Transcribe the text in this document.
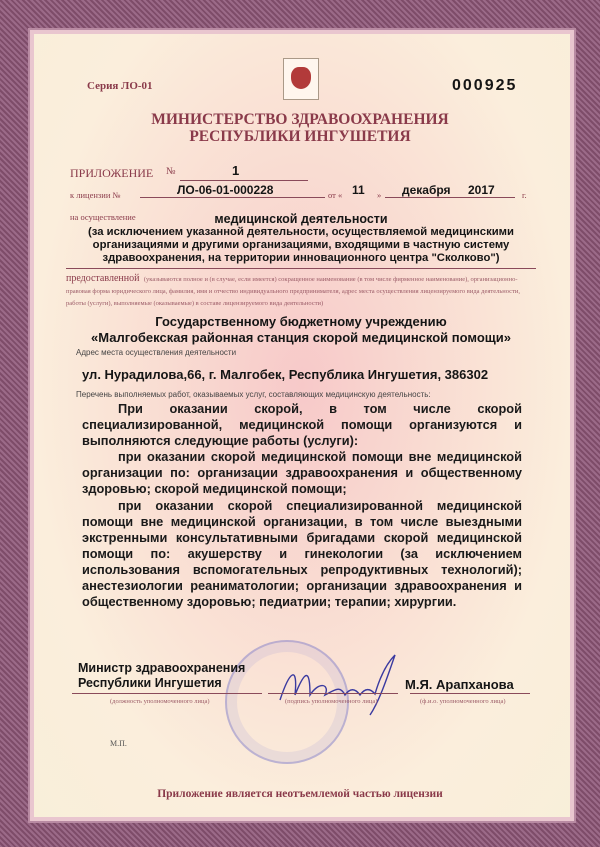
Серия ЛО-01	000925
МИНИСТЕРСТВО ЗДРАВООХРАНЕНИЯ
РЕСПУБЛИКИ ИНГУШЕТИЯ
ПРИЛОЖЕНИЕ №	1
к лицензии №	ЛО-06-01-000228	от « 11 » декабря 2017	г.
на осуществление	медицинской деятельности
(за исключением указанной деятельности, осуществляемой медицинскими организациями и другими организациями, входящими в частную систему здравоохранения, на территории инновационного центра "Сколково")
предоставленной (указываются полное и (в случае, если имеется) сокращенное наименование (в том числе фирменное наименование), организационно-правовая форма юридического лица, фамилия, имя и отчество индивидуального предпринимателя, адрес места осуществления лицензируемого вида деятельности, работы (услуги), выполняемые (оказываемые) в составе лицензируемого вида деятельности)
Государственному бюджетному учреждению
«Малгобекская районная станция скорой медицинской помощи»
Адрес места осуществления деятельности
ул. Нурадилова,66, г. Малгобек, Республика Ингушетия, 386302
Перечень выполняемых работ, оказываемых услуг, составляющих медицинскую деятельность:

При оказании скорой, в том числе скорой специализированной, медицинской помощи организуются и выполняются следующие работы (услуги):

при оказании скорой медицинской помощи вне медицинской организации по: организации здравоохранения и общественному здоровью; скорой медицинской помощи;

при оказании скорой специализированной медицинской помощи вне медицинской организации, в том числе выездными экстренными консультативными бригадами скорой медицинской помощи по: акушерству и гинекологии (за исключением использования вспомогательных репродуктивных технологий); анестезиологии реаниматологии; организации здравоохранения и общественному здоровью; педиатрии; терапии; хирургии.

Министр здравоохранения
Республики Ингушетия
(должность уполномоченного лица)	(подпись уполномоченного лица)
М.Я. Арапханова
(ф.и.о. уполномоченного лица)
М.П.
Приложение является неотъемлемой частью лицензии
